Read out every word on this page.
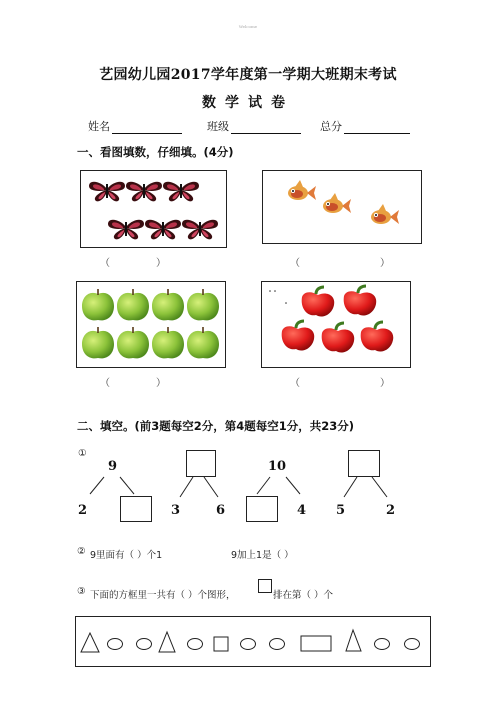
Welcome
艺园幼儿园2017学年度第一学期大班期末考试
数学试卷
姓名	班级	总分
一、看图填数，仔细填。(4分)
（	）	（	）
（	）	（	）
二、填空。(前3题每空2分，第4题每空1分，共23分)
①
9
2	3	6
10
4 5	2
② 9里面有（ ）个1	9加上1是（ ）
③ 下面的方框里一共有（ ）个图形，	排在第（ ）个
